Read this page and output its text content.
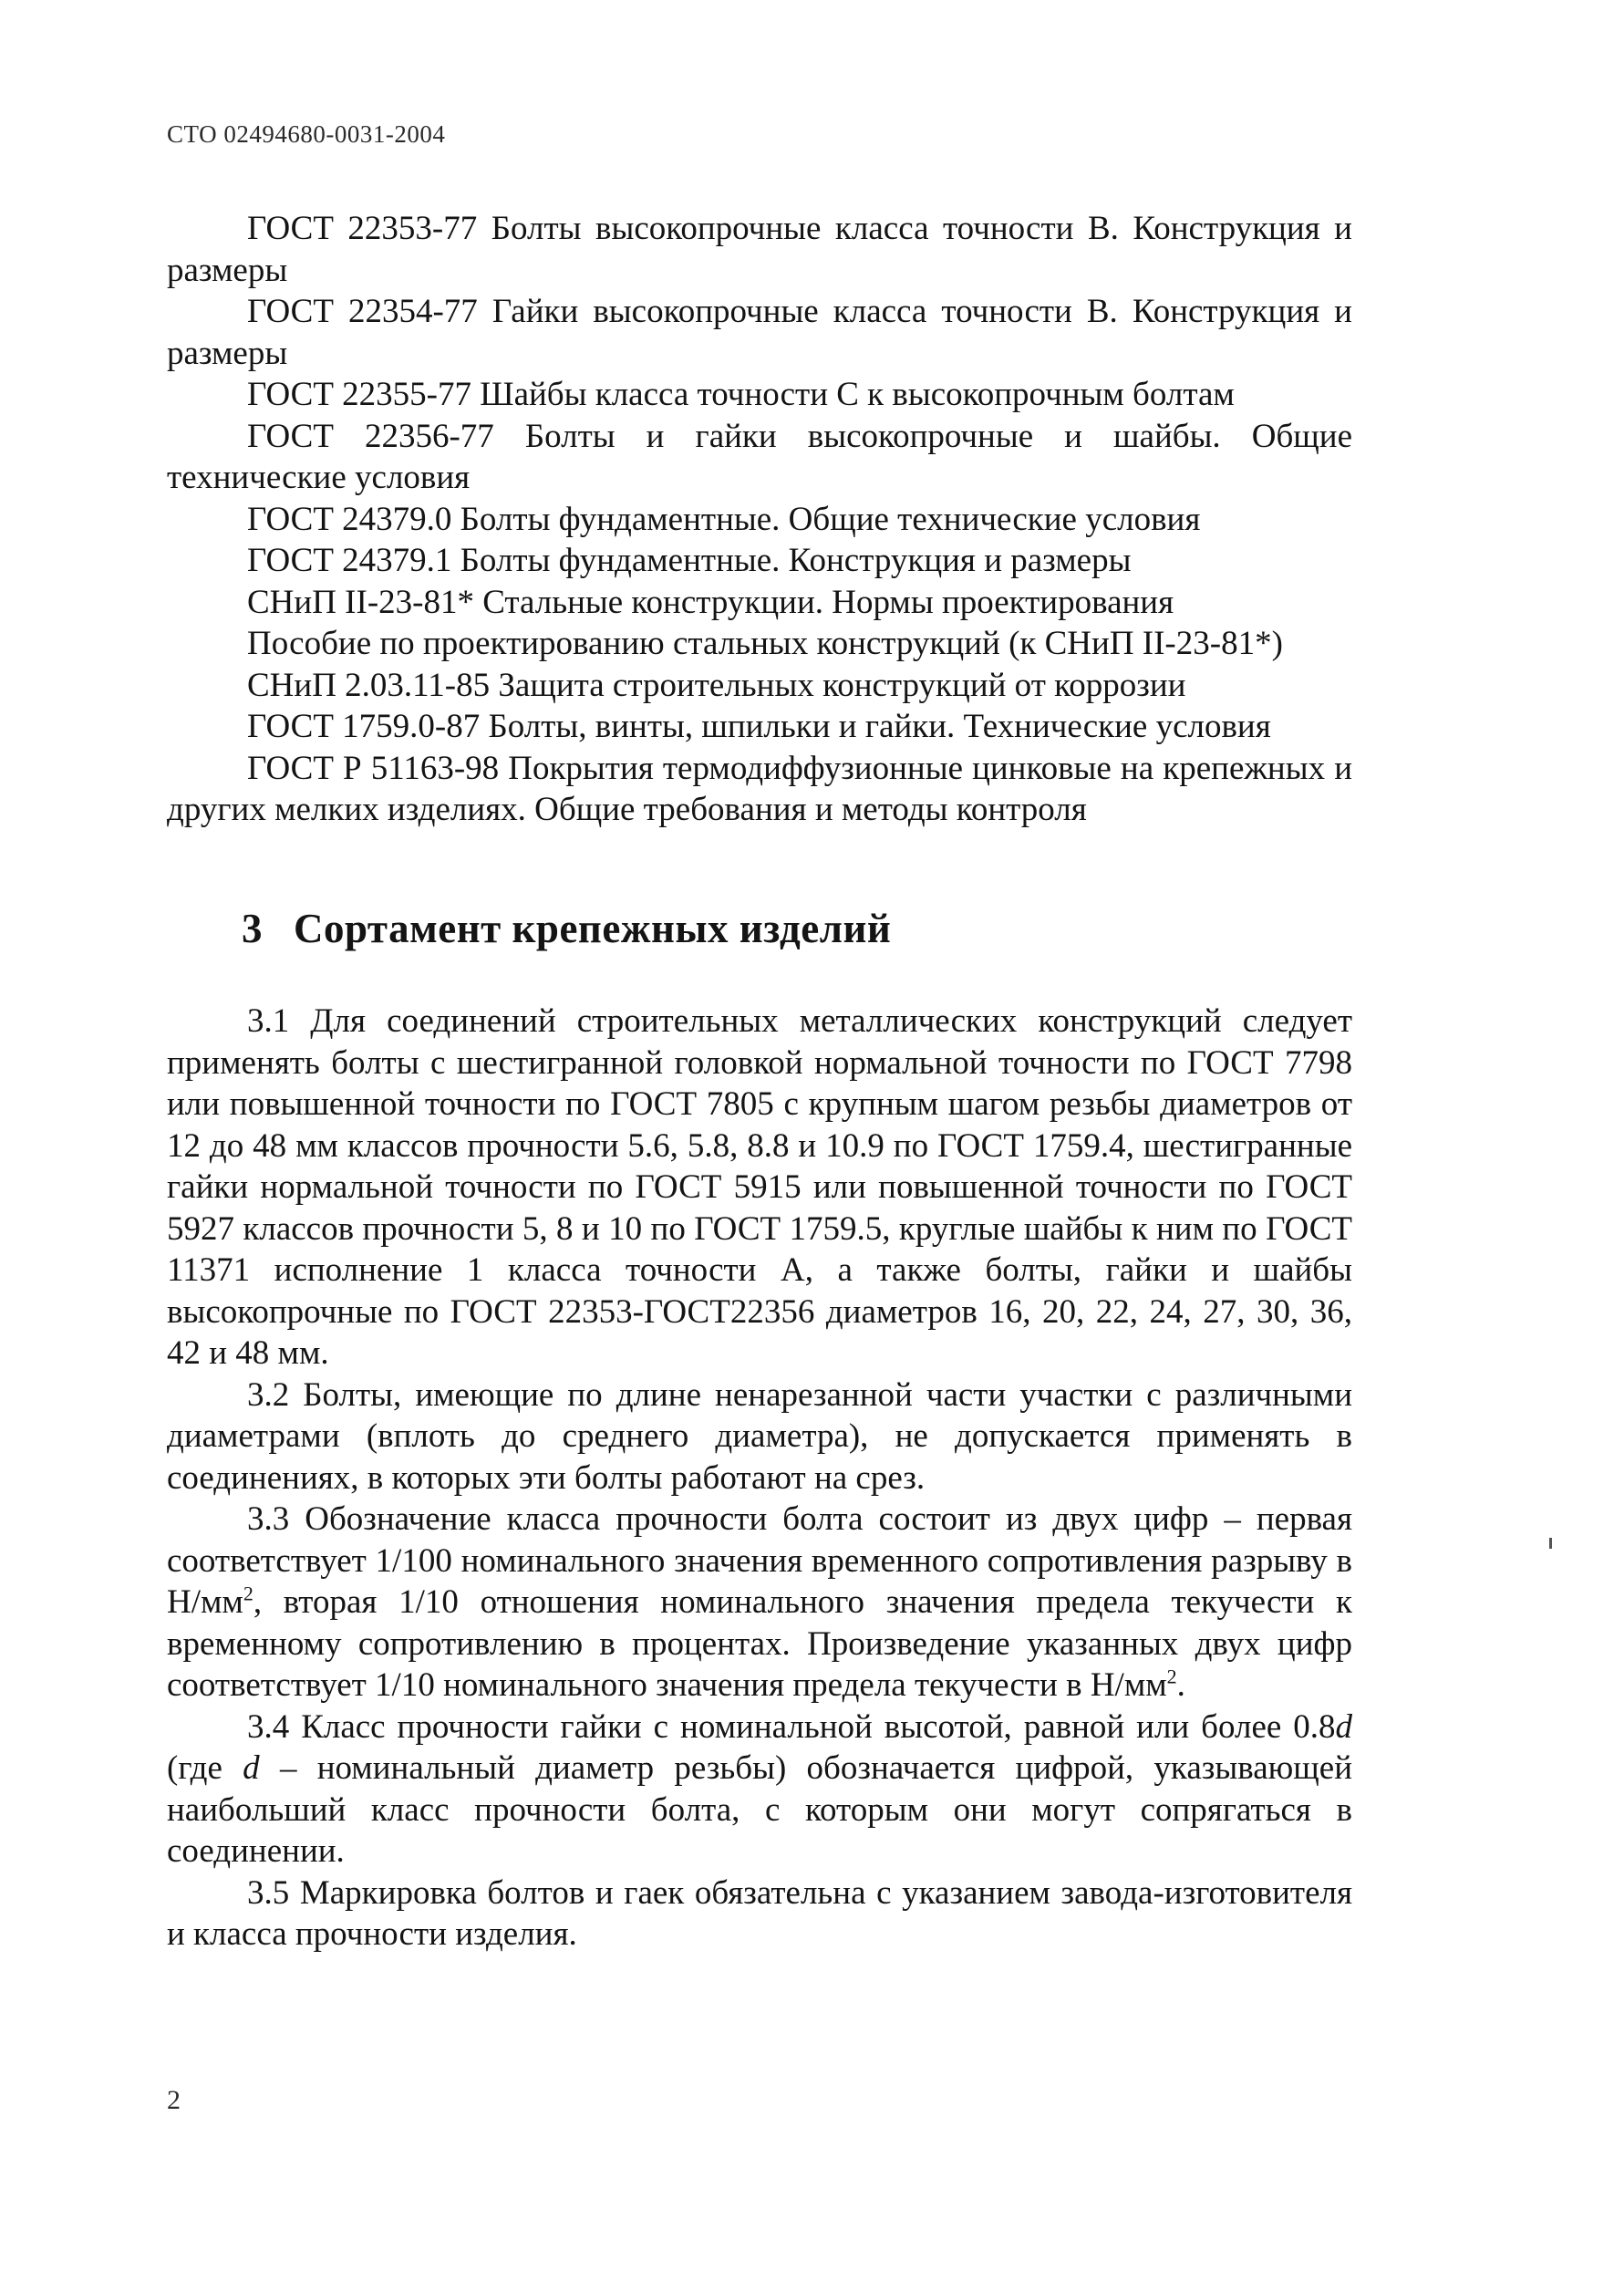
СТО 02494680-0031-2004
ГОСТ 22353-77 Болты высокопрочные класса точности В. Конструкция и размеры
ГОСТ 22354-77 Гайки высокопрочные класса точности В. Конструкция и размеры
ГОСТ 22355-77 Шайбы класса точности С к высокопрочным болтам
ГОСТ 22356-77 Болты и гайки высокопрочные и шайбы. Общие технические условия
ГОСТ 24379.0 Болты фундаментные. Общие технические условия
ГОСТ 24379.1 Болты фундаментные. Конструкция и размеры
СНиП II-23-81* Стальные конструкции. Нормы проектирования
Пособие по проектированию стальных конструкций (к СНиП II-23-81*)
СНиП 2.03.11-85 Защита строительных конструкций от коррозии
ГОСТ 1759.0-87 Болты, винты, шпильки и гайки. Технические условия
ГОСТ Р 51163-98 Покрытия термодиффузионные цинковые на крепежных и других мелких изделиях. Общие требования и методы контроля
3 Сортамент крепежных изделий
3.1 Для соединений строительных металлических конструкций следует применять болты с шестигранной головкой нормальной точности по ГОСТ 7798 или повышенной точности по ГОСТ 7805 с крупным шагом резьбы диаметров от 12 до 48 мм классов прочности 5.6, 5.8, 8.8 и 10.9 по ГОСТ 1759.4, шестигранные гайки нормальной точности по ГОСТ 5915 или повышенной точности по ГОСТ 5927 классов прочности 5, 8 и 10 по ГОСТ 1759.5, круглые шайбы к ним по ГОСТ 11371 исполнение 1 класса точности А, а также болты, гайки и шайбы высокопрочные по ГОСТ 22353-ГОСТ22356 диаметров 16, 20, 22, 24, 27, 30, 36, 42 и 48 мм.
3.2 Болты, имеющие по длине ненарезанной части участки с различными диаметрами (вплоть до среднего диаметра), не допускается применять в соединениях, в которых эти болты работают на срез.
3.3 Обозначение класса прочности болта состоит из двух цифр – первая соответствует 1/100 номинального значения временного сопротивления разрыву в $Н/мм^2$, вторая 1/10 отношения номинального значения предела текучести к временному сопротивлению в процентах. Произведение указанных двух цифр соответствует 1/10 номинального значения предела текучести в $Н/мм^2$.
3.4 Класс прочности гайки с номинальной высотой, равной или более 0.8d (где d – номинальный диаметр резьбы) обозначается цифрой, указывающей наибольший класс прочности болта, с которым они могут сопрягаться в соединении.
3.5 Маркировка болтов и гаек обязательна с указанием завода-изготовителя и класса прочности изделия.
2
